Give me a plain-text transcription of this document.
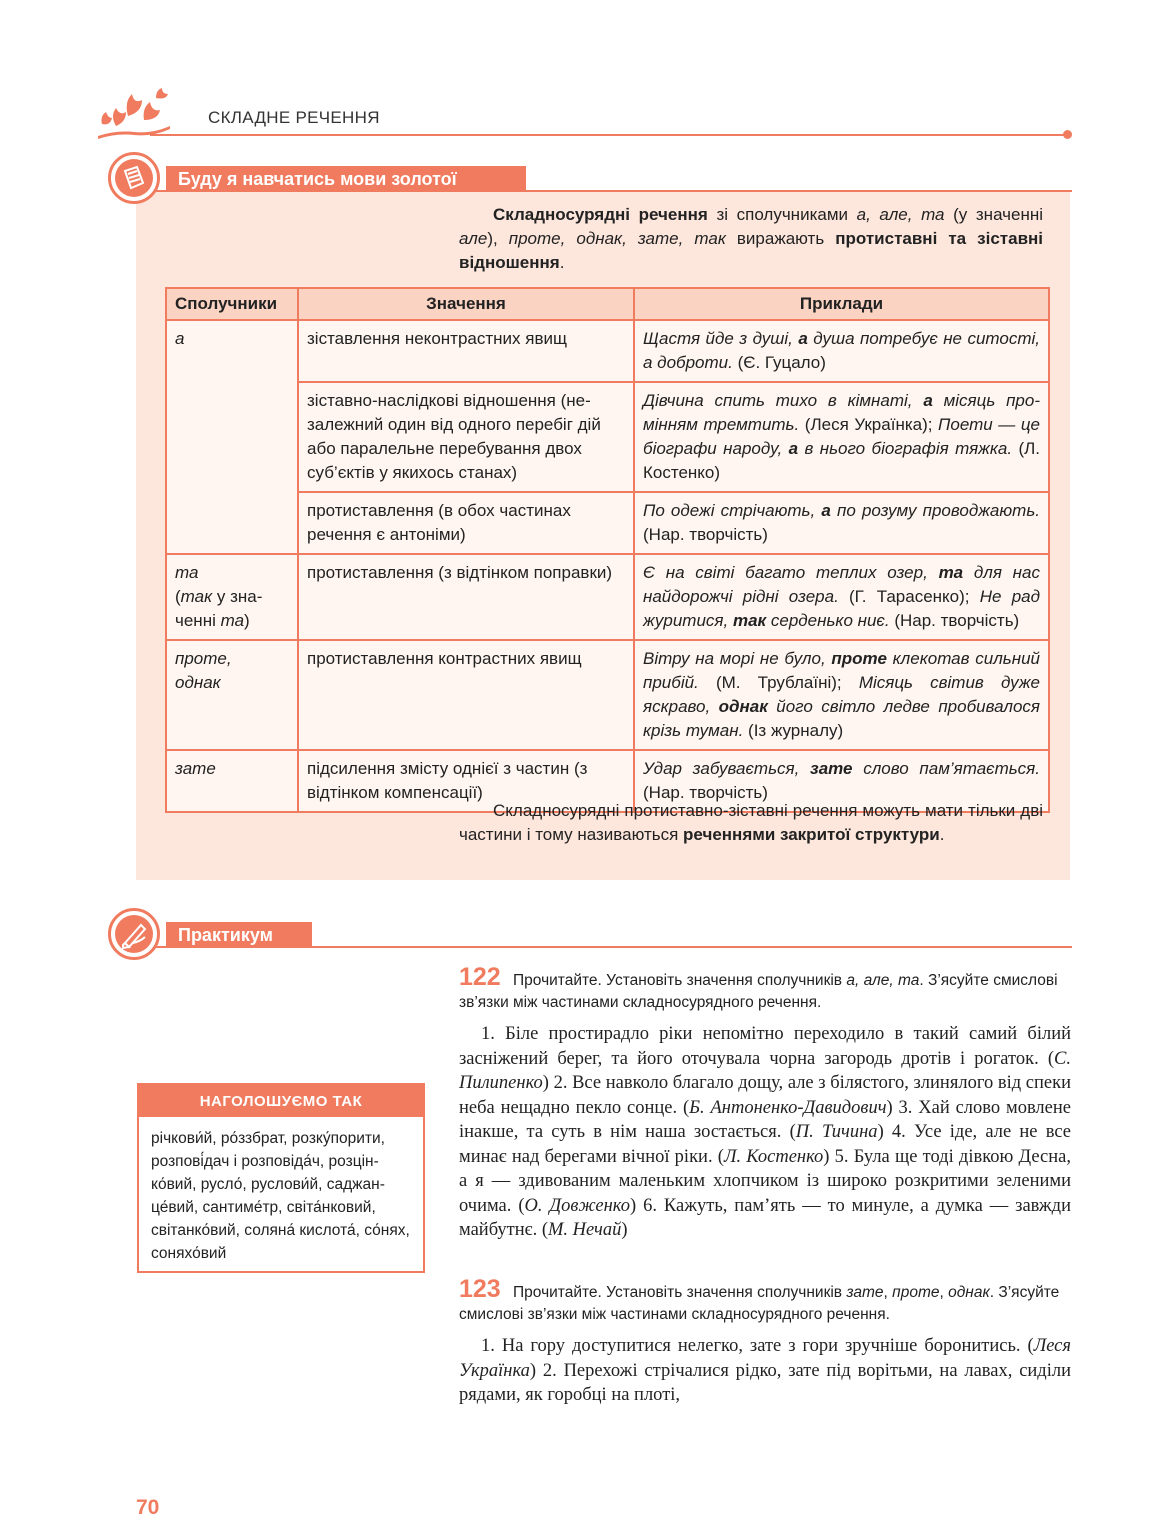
СКЛАДНЕ РЕЧЕННЯ
Буду я навчатись мови золотої
Складносурядні речення зі сполучниками а, але, та (у значенні але), проте, однак, зате, так виражають протиставні та зіставні відношення.
Сполучники	Значення	Приклади
а	зіставлення неконтрастних явищ	Щастя йде з душі, а душа потребує не ситості, а доброти. (Є. Гуцало)
	зіставно-наслідкові відношення (незалежний один від одного перебіг дій або паралельне перебування двох суб’єктів у якихось станах)	Дівчина спить тихо в кімнаті, а місяць промінням тремтить. (Леся Українка); Поети — це біографи народу, а в нього біографія тяжка. (Л. Костенко)
	протиставлення (в обох частинах речення є антоніми)	По одежі стрічають, а по розуму проводжають. (Нар. творчість)
та
(так у значенні та)	протиставлення (з відтінком поправки)	Є на світі багато теплих озер, та для нас найдорожчі рідні озера. (Г. Тарасенко); Не рад журитися, так серденько ниє. (Нар. творчість)
проте,
однак	протиставлення контрастних явищ	Вітру на морі не було, проте клекотав сильний прибій. (М. Трублаїні); Місяць світив дуже яскраво, однак його світло ледве пробивалося крізь туман. (Із журналу)
зате	підсилення змісту однієї з частин (з відтінком компенсації)	Удар забувається, зате слово пам’ятається. (Нар. творчість)
Складносурядні протиставно-зіставні речення можуть мати тільки дві частини і тому називаються реченнями закритої структури.
Практикум
122 Прочитайте. Установіть значення сполучників а, але, та. З’ясуйте смислові зв’язки між частинами складносурядного речення.

1. Біле простирадло ріки непомітно переходило в такий самий білий засніжений берег, та його оточувала чорна загородь дротів і рогаток. (С. Пилипенко) 2. Все навколо благало дощу, але з білястого, злинялого від спеки неба нещадно пекло сонце. (Б. Антоненко-Давидович) 3. Хай слово мовлене інакше, та суть в нім наша зостається. (П. Тичина) 4. Усе іде, але не все минає над берегами вічної ріки. (Л. Костенко) 5. Була ще тоді дівкою Десна, а я — здивованим маленьким хлопчиком із широко розкритими зеленими очима. (О. Довженко) 6. Кажуть, пам’ять — то минуле, а думка — завжди майбутнє. (М. Нечай)

123 Прочитайте. Установіть значення сполучників зате, проте, однак. З’ясуйте смислові зв’язки між частинами складносурядного речення.

1. На гору доступитися нелегко, зате з гори зручніше боронитись. (Леся Українка) 2. Перехожі стрічалися рідко, зате під ворітьми, на лавах, сиділи рядами, як горобці на плоті,

НАГОЛОШУЄМО ТАК
річкови́й, ро́ззбрат, розку́порити, розпові́дач і розповіда́ч, розцінко́вий, русло́, руслови́й, саджанце́вий, сантиме́тр, світа́нковий, світанко́вий, соляна́ кислота́, со́нях, соняхо́вий
70
